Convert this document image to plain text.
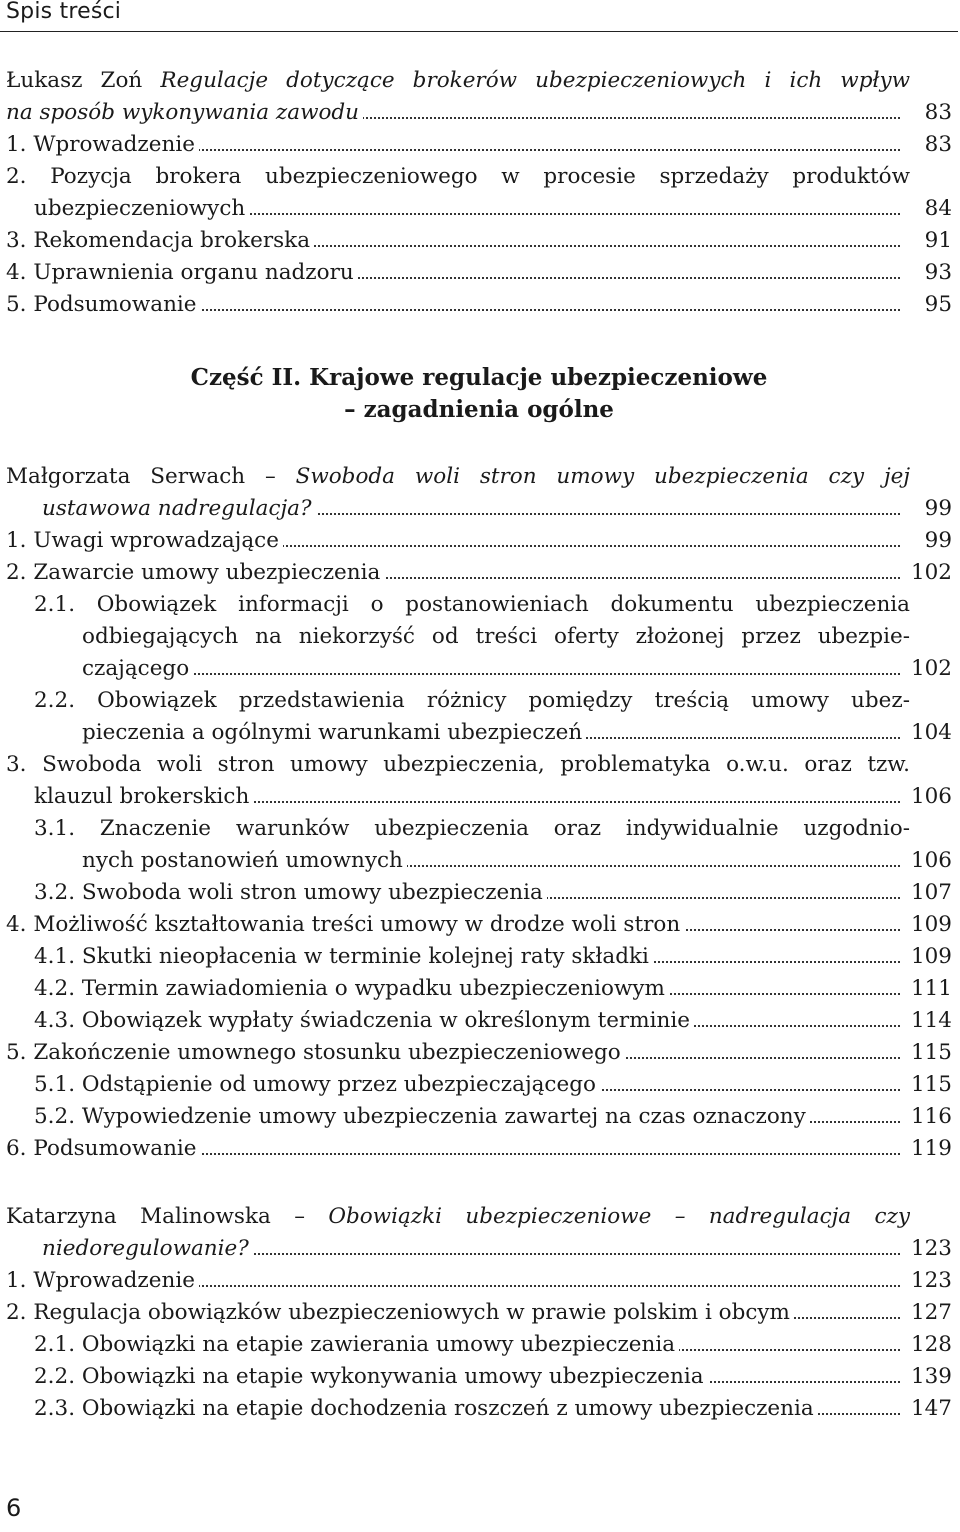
Spis treści
Łukasz Zoń Regulacje dotyczące brokerów ubezpieczeniowych i ich wpływ
na sposób wykonywania zawodu	83
1. Wprowadzenie	83
2. Pozycja brokera ubezpieczeniowego w procesie sprzedaży produktów
ubezpieczeniowych	84
3. Rekomendacja brokerska	91
4. Uprawnienia organu nadzoru	93
5. Podsumowanie	95
Część II. Krajowe regulacje ubezpieczeniowe
– zagadnienia ogólne
Małgorzata Serwach – Swoboda woli stron umowy ubezpieczenia czy jej
ustawowa nadregulacja?	99
1. Uwagi wprowadzające	99
2. Zawarcie umowy ubezpieczenia	102
2.1. Obowiązek informacji o postanowieniach dokumentu ubezpieczenia
odbiegających na niekorzyść od treści oferty złożonej przez ubezpie-
czającego	102
2.2. Obowiązek przedstawienia różnicy pomiędzy treścią umowy ubez-
pieczenia a ogólnymi warunkami ubezpieczeń	104
3. Swoboda woli stron umowy ubezpieczenia, problematyka o.w.u. oraz tzw.
klauzul brokerskich	106
3.1. Znaczenie warunków ubezpieczenia oraz indywidualnie uzgodnio-
nych postanowień umownych	106
3.2. Swoboda woli stron umowy ubezpieczenia	107
4. Możliwość kształtowania treści umowy w drodze woli stron	109
4.1. Skutki nieopłacenia w terminie kolejnej raty składki	109
4.2. Termin zawiadomienia o wypadku ubezpieczeniowym	111
4.3. Obowiązek wypłaty świadczenia w określonym terminie	114
5. Zakończenie umownego stosunku ubezpieczeniowego	115
5.1. Odstąpienie od umowy przez ubezpieczającego	115
5.2. Wypowiedzenie umowy ubezpieczenia zawartej na czas oznaczony	116
6. Podsumowanie	119
Katarzyna Malinowska – Obowiązki ubezpieczeniowe – nadregulacja czy
niedoregulowanie?	123
1. Wprowadzenie	123
2. Regulacja obowiązków ubezpieczeniowych w prawie polskim i obcym	127
2.1. Obowiązki na etapie zawierania umowy ubezpieczenia	128
2.2. Obowiązki na etapie wykonywania umowy ubezpieczenia	139
2.3. Obowiązki na etapie dochodzenia roszczeń z umowy ubezpieczenia	147
6
